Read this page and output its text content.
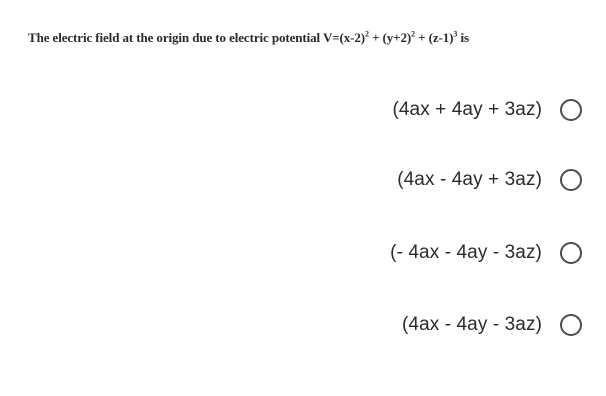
The electric field at the origin due to electric potential $V=(x-2)^2 + (y+2)^2 + (z-1)^3$ is
(4ax + 4ay + 3az)
(4ax - 4ay + 3az)
(- 4ax - 4ay - 3az)
(4ax - 4ay - 3az)
